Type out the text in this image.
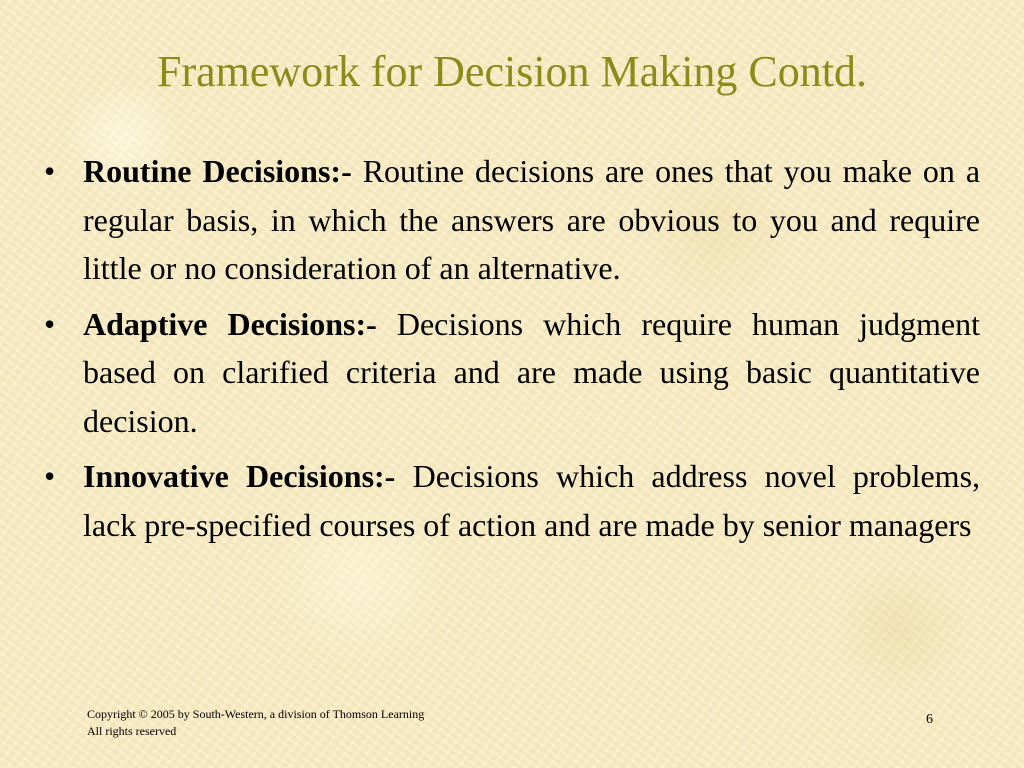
Framework for Decision Making Contd.
• Routine Decisions:- Routine decisions are ones that you make on a regular basis, in which the answers are obvious to you and require little or no consideration of an alternative.
• Adaptive Decisions:- Decisions which require human judgment based on clarified criteria and are made using basic quantitative decision.
• Innovative Decisions:- Decisions which address novel problems, lack pre-specified courses of action and are made by senior managers
Copyright © 2005 by South-Western, a division of Thomson Learning
All rights reserved
6
